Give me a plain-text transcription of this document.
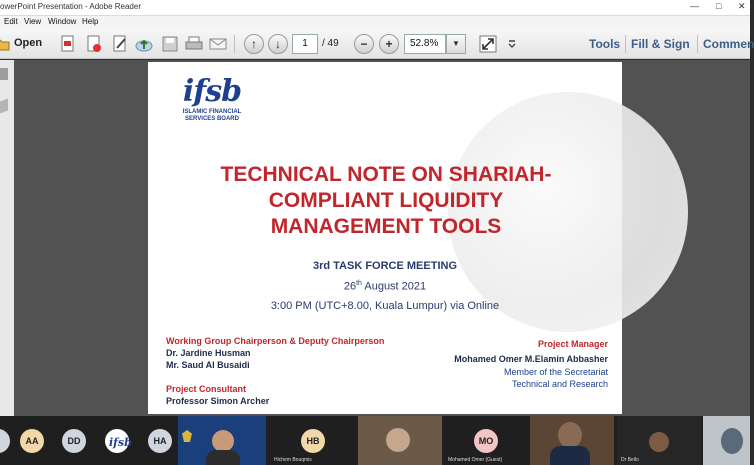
owerPoint Presentation - Adobe Reader	— □ ✕
Edit View Window Help
Open	↑ ↓	1	/ 49 − +	52.8%	▼	Tools Fill & Sign Commen
ifsb
ISLAMIC FINANCIAL
SERVICES BOARD
TECHNICAL NOTE ON SHARIAH-
COMPLIANT LIQUIDITY
MANAGEMENT TOOLS
3rd TASK FORCE MEETING
26th August 2021
3:00 PM (UTC+8.00, Kuala Lumpur) via Online
Working Group Chairperson & Deputy Chairperson
Dr. Jardine Husman
Mr. Saud Al Busaidi
Project Consultant
Professor Simon Archer
Project Manager
Mohamed Omer M.Elamin Abbasher
Member of the Secretariat
Technical and Research
AA	DD	ifsb HA	HB
Hichem Bouqmis
MO
Mohamed Omer (Guest)	Dr Bello
